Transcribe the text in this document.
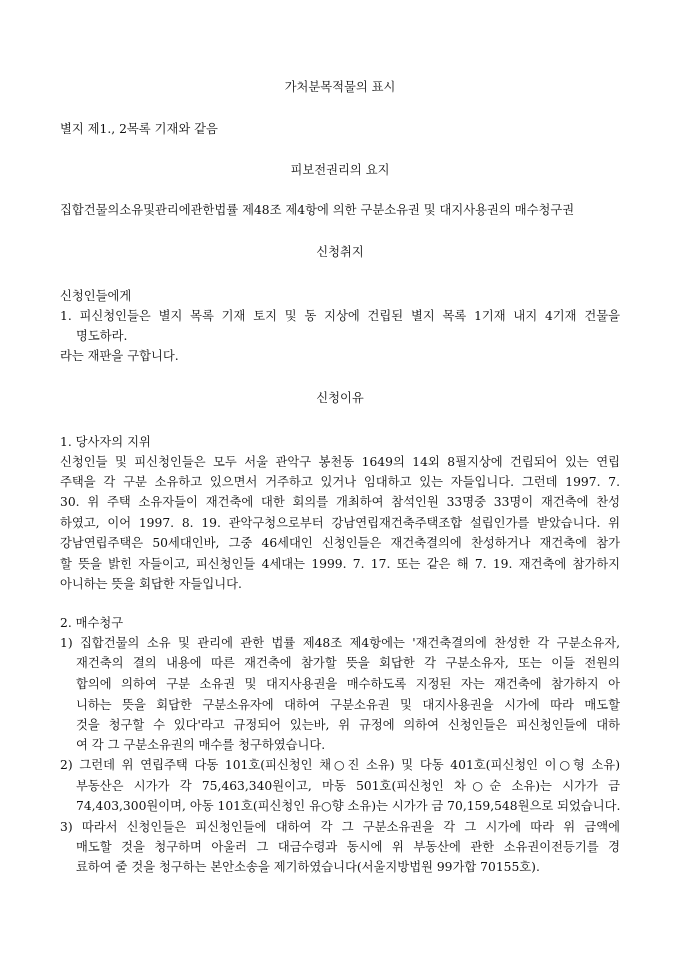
가처분목적물의 표시
별지 제1., 2목록 기재와 같음
피보전권리의 요지
집합건물의소유및관리에관한법률 제48조 제4항에 의한 구분소유권 및 대지사용권의 매수청구권
신청취지
신청인들에게
1. 피신청인들은 별지 목록 기재 토지 및 동 지상에 건립된 별지 목록 1기재 내지 4기재 건물을
명도하라.
라는 재판을 구합니다.
신청이유
1. 당사자의 지위
신청인들 및 피신청인들은 모두 서울 관악구 봉천동 1649의 14외 8필지상에 건립되어 있는 연립
주택을 각 구분 소유하고 있으면서 거주하고 있거나 임대하고 있는 자들입니다. 그런데 1997. 7.
30. 위 주택 소유자들이 재건축에 대한 회의를 개최하여 참석인원 33명중 33명이 재건축에 찬성
하였고, 이어 1997. 8. 19. 관악구청으로부터 강남연립재건축주택조합 설립인가를 받았습니다. 위
강남연립주택은 50세대인바, 그중 46세대인 신청인들은 재건축결의에 찬성하거나 재건축에 참가
할 뜻을 밝힌 자들이고, 피신청인들 4세대는 1999. 7. 17. 또는 같은 해 7. 19. 재건축에 참가하지
아니하는 뜻을 회답한 자들입니다.
2. 매수청구
1) 집합건물의 소유 및 관리에 관한 법률 제48조 제4항에는 '재건축결의에 찬성한 각 구분소유자,
재건축의 결의 내용에 따른 재건축에 참가할 뜻을 회답한 각 구분소유자, 또는 이들 전원의
합의에 의하여 구분 소유권 및 대지사용권을 매수하도록 지정된 자는 재건축에 참가하지 아
니하는 뜻을 회답한 구분소유자에 대하여 구분소유권 및 대지사용권을 시가에 따라 매도할
것을 청구할 수 있다'라고 규정되어 있는바, 위 규정에 의하여 신청인들은 피신청인들에 대하
여 각 그 구분소유권의 매수를 청구하였습니다.
2) 그런데 위 연립주택 다동 101호(피신청인 채○진 소유) 및 다동 401호(피신청인 이○형 소유)
부동산은 시가가 각 75,463,340원이고, 마동 501호(피신청인 차○순 소유)는 시가가 금
74,403,300원이며, 아동 101호(피신청인 유○향 소유)는 시가가 금 70,159,548원으로 되었습니다.
3) 따라서 신청인들은 피신청인들에 대하여 각 그 구분소유권을 각 그 시가에 따라 위 금액에
매도할 것을 청구하며 아울러 그 대금수령과 동시에 위 부동산에 관한 소유권이전등기를 경
료하여 줄 것을 청구하는 본안소송을 제기하였습니다(서울지방법원 99가합 70155호).
